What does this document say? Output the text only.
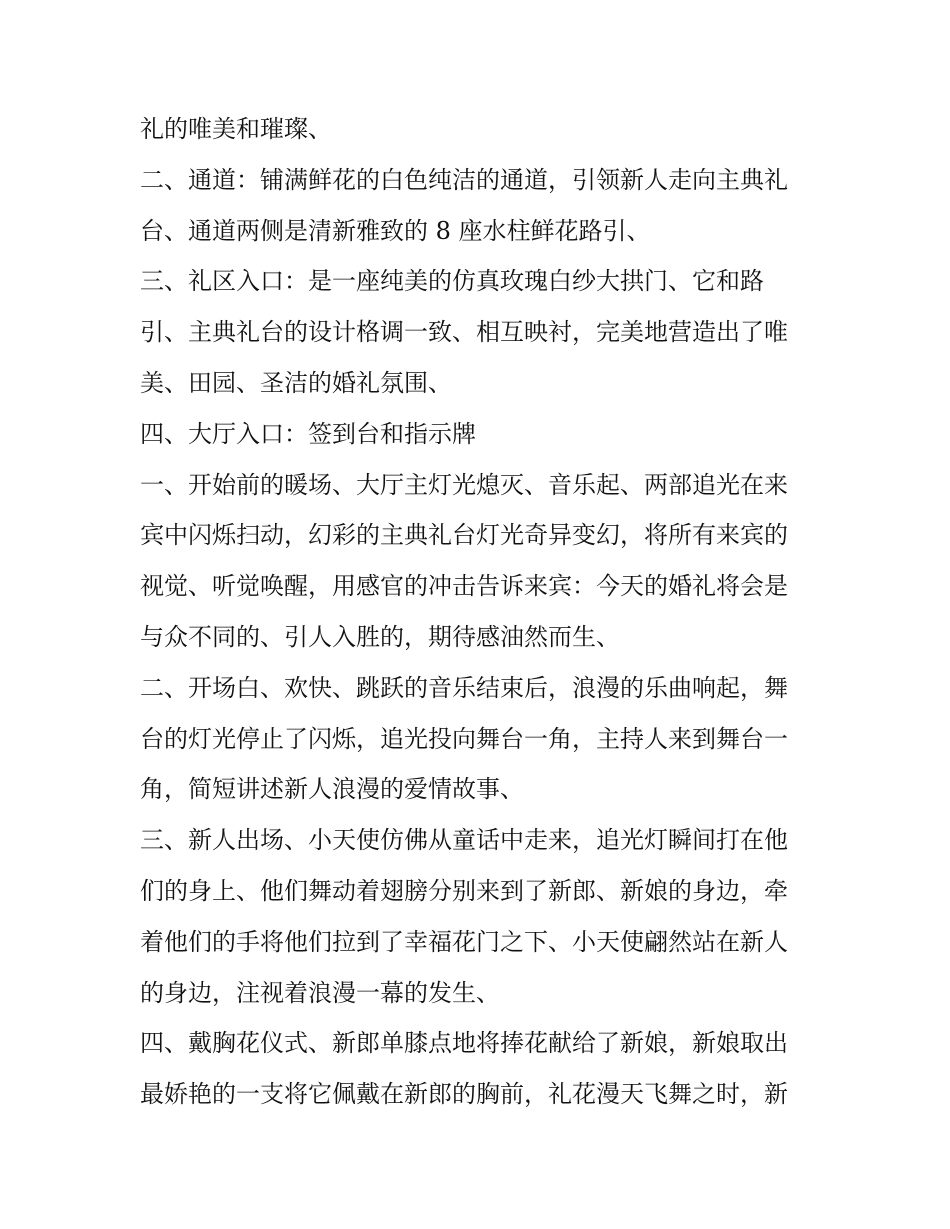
礼的唯美和璀璨、
二、通道：铺满鲜花的白色纯洁的通道，引领新人走向主典礼
台、通道两侧是清新雅致的 8 座水柱鲜花路引、
三、礼区入口：是一座纯美的仿真玫瑰白纱大拱门、它和路
引、主典礼台的设计格调一致、相互映衬，完美地营造出了唯
美、田园、圣洁的婚礼氛围、
四、大厅入口：签到台和指示牌
一、开始前的暖场、大厅主灯光熄灭、音乐起、两部追光在来
宾中闪烁扫动，幻彩的主典礼台灯光奇异变幻，将所有来宾的
视觉、听觉唤醒，用感官的冲击告诉来宾：今天的婚礼将会是
与众不同的、引人入胜的，期待感油然而生、
二、开场白、欢快、跳跃的音乐结束后，浪漫的乐曲响起，舞
台的灯光停止了闪烁，追光投向舞台一角，主持人来到舞台一
角，简短讲述新人浪漫的爱情故事、
三、新人出场、小天使仿佛从童话中走来，追光灯瞬间打在他
们的身上、他们舞动着翅膀分别来到了新郎、新娘的身边，牵
着他们的手将他们拉到了幸福花门之下、小天使翩然站在新人
的身边，注视着浪漫一幕的发生、
四、戴胸花仪式、新郎单膝点地将捧花献给了新娘，新娘取出
最娇艳的一支将它佩戴在新郎的胸前，礼花漫天飞舞之时，新
